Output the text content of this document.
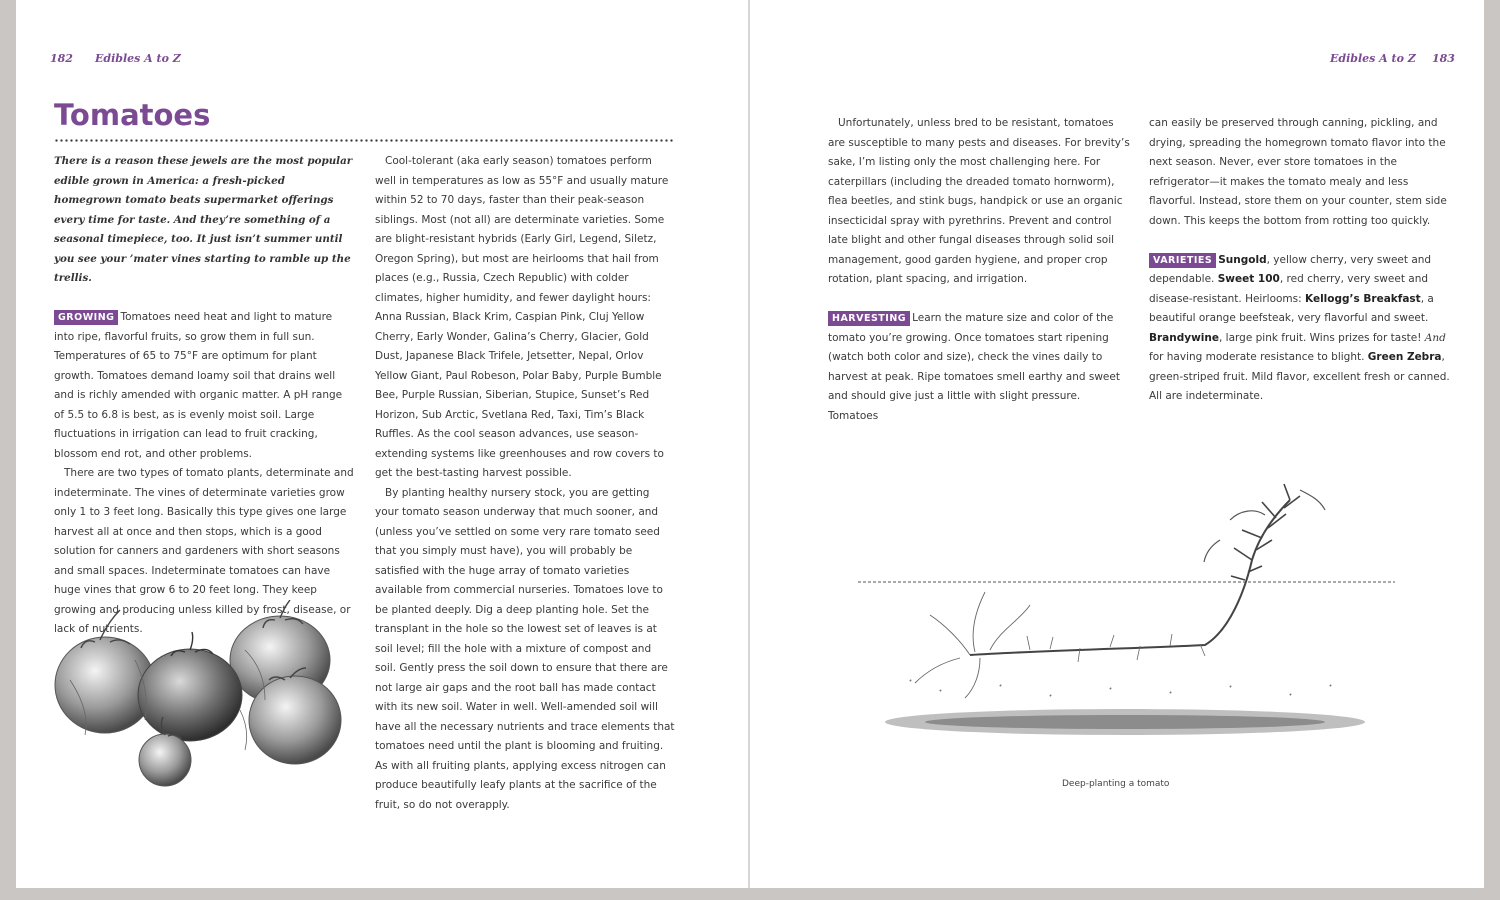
182 Edibles A to Z
Tomatoes

There is a reason these jewels are the most popular edible grown in America: a fresh-picked homegrown tomato beats supermarket offerings every time for taste. And they’re something of a seasonal timepiece, too. It just isn’t summer until you see your ’mater vines starting to ramble up the trellis.

GROWING Tomatoes need heat and light to mature into ripe, flavorful fruits, so grow them in full sun. Temperatures of 65 to 75°F are optimum for plant growth. Tomatoes demand loamy soil that drains well and is richly amended with organic matter. A pH range of 5.5 to 6.8 is best, as is evenly moist soil. Large fluctuations in irrigation can lead to fruit cracking, blossom end rot, and other problems.

There are two types of tomato plants, determinate and indeterminate. The vines of determinate varieties grow only 1 to 3 feet long. Basically this type gives one large harvest all at once and then stops, which is a good solution for canners and gardeners with short seasons and small spaces. Indeterminate tomatoes can have huge vines that grow 6 to 20 feet long. They keep growing and producing unless killed by frost, disease, or lack of nutrients.

Cool-tolerant (aka early season) tomatoes perform well in temperatures as low as 55°F and usually mature within 52 to 70 days, faster than their peak-season siblings. Most (not all) are determinate varieties. Some are blight-resistant hybrids (Early Girl, Legend, Siletz, Oregon Spring), but most are heirlooms that hail from places (e.g., Russia, Czech Republic) with colder climates, higher humidity, and fewer daylight hours: Anna Russian, Black Krim, Caspian Pink, Cluj Yellow Cherry, Early Wonder, Galina’s Cherry, Glacier, Gold Dust, Japanese Black Trifele, Jetsetter, Nepal, Orlov Yellow Giant, Paul Robeson, Polar Baby, Purple Bumble Bee, Purple Russian, Siberian, Stupice, Sunset’s Red Horizon, Sub Arctic, Svetlana Red, Taxi, Tim’s Black Ruffles. As the cool season advances, use season-extending systems like greenhouses and row covers to get the best-tasting harvest possible.

By planting healthy nursery stock, you are getting your tomato season underway that much sooner, and (unless you’ve settled on some very rare tomato seed that you simply must have), you will probably be satisfied with the huge array of tomato varieties available from commercial nurseries. Tomatoes love to be planted deeply. Dig a deep planting hole. Set the transplant in the hole so the lowest set of leaves is at soil level; fill the hole with a mixture of compost and soil. Gently press the soil down to ensure that there are not large air gaps and the root ball has made contact with its new soil. Water in well. Well-amended soil will have all the necessary nutrients and trace elements that tomatoes need until the plant is blooming and fruiting. As with all fruiting plants, applying excess nitrogen can produce beautifully leafy plants at the sacrifice of the fruit, so do not overapply.

Edibles A to Z 183

Unfortunately, unless bred to be resistant, tomatoes are susceptible to many pests and diseases. For brevity’s sake, I’m listing only the most challenging here. For caterpillars (including the dreaded tomato hornworm), flea beetles, and stink bugs, handpick or use an organic insecticidal spray with pyrethrins. Prevent and control late blight and other fungal diseases through solid soil management, good garden hygiene, and proper crop rotation, plant spacing, and irrigation.

HARVESTING Learn the mature size and color of the tomato you’re growing. Once tomatoes start ripening (watch both color and size), check the vines daily to harvest at peak. Ripe tomatoes smell earthy and sweet and should give just a little with slight pressure. Tomatoes

can easily be preserved through canning, pickling, and drying, spreading the homegrown tomato flavor into the next season. Never, ever store tomatoes in the refrigerator—it makes the tomato mealy and less flavorful. Instead, store them on your counter, stem side down. This keeps the bottom from rotting too quickly.

VARIETIES Sungold, yellow cherry, very sweet and dependable. Sweet 100, red cherry, very sweet and disease-resistant. Heirlooms: Kellogg’s Breakfast, a beautiful orange beefsteak, very flavorful and sweet. Brandywine, large pink fruit. Wins prizes for taste! And for having moderate resistance to blight. Green Zebra, green-striped fruit. Mild flavor, excellent fresh or canned. All are indeterminate.

Deep-planting a tomato
